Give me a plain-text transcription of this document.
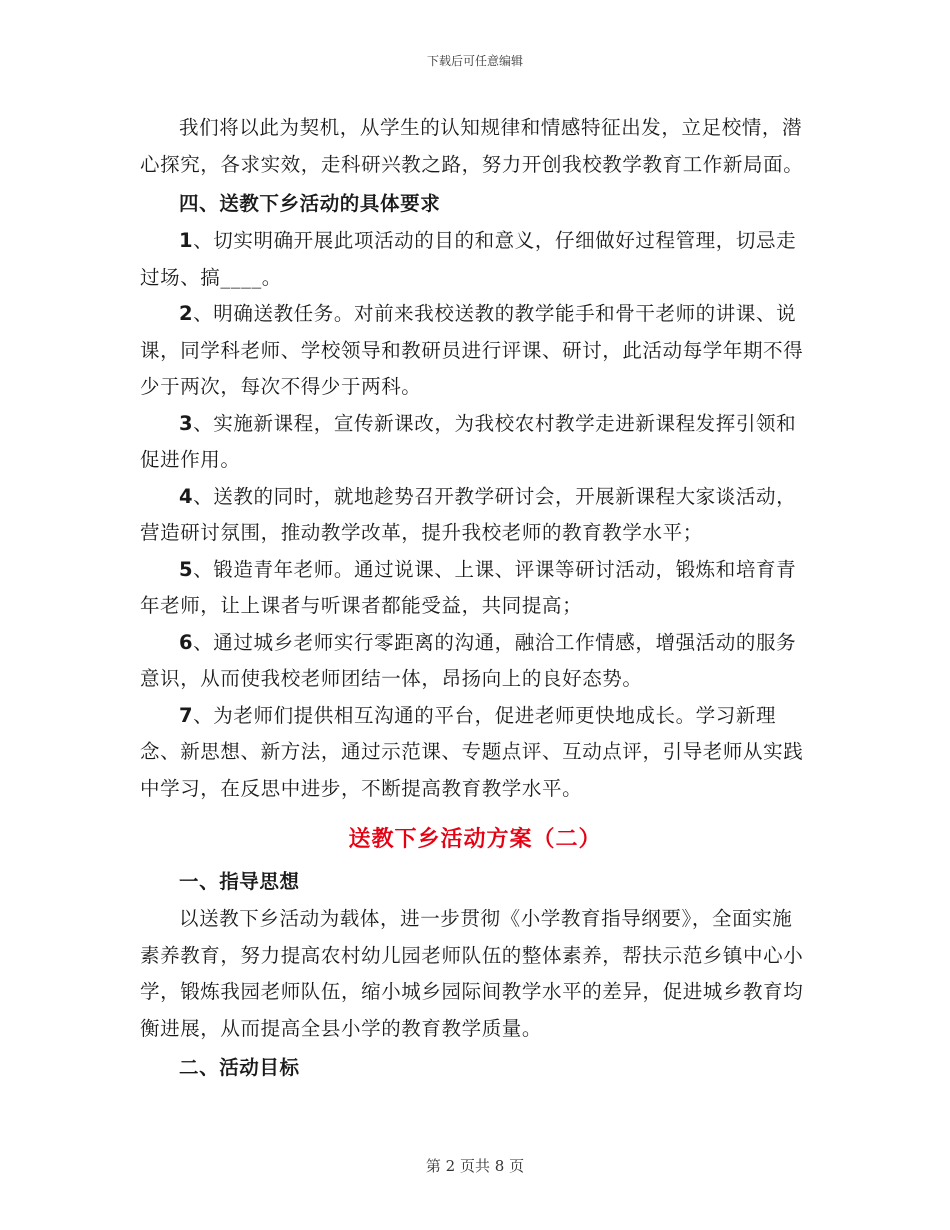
下载后可任意编辑

我们将以此为契机，从学生的认知规律和情感特征出发，立足校情，潜心探究，各求实效，走科研兴教之路，努力开创我校教学教育工作新局面。

四、送教下乡活动的具体要求

1、切实明确开展此项活动的目的和意义，仔细做好过程管理，切忌走过场、搞____。

2、明确送教任务。对前来我校送教的教学能手和骨干老师的讲课、说课，同学科老师、学校领导和教研员进行评课、研讨，此活动每学年期不得少于两次，每次不得少于两科。

3、实施新课程，宣传新课改，为我校农村教学走进新课程发挥引领和促进作用。

4、送教的同时，就地趁势召开教学研讨会，开展新课程大家谈活动，营造研讨氛围，推动教学改革，提升我校老师的教育教学水平；

5、锻造青年老师。通过说课、上课、评课等研讨活动，锻炼和培育青年老师，让上课者与听课者都能受益，共同提高；

6、通过城乡老师实行零距离的沟通，融洽工作情感，增强活动的服务意识，从而使我校老师团结一体，昂扬向上的良好态势。

7、为老师们提供相互沟通的平台，促进老师更快地成长。学习新理念、新思想、新方法，通过示范课、专题点评、互动点评，引导老师从实践中学习，在反思中进步，不断提高教育教学水平。

送教下乡活动方案（二）

一、指导思想

以送教下乡活动为载体，进一步贯彻《小学教育指导纲要》，全面实施素养教育，努力提高农村幼儿园老师队伍的整体素养，帮扶示范乡镇中心小学，锻炼我园老师队伍，缩小城乡园际间教学水平的差异，促进城乡教育均衡进展，从而提高全县小学的教育教学质量。

二、活动目标

第 2 页共 8 页
